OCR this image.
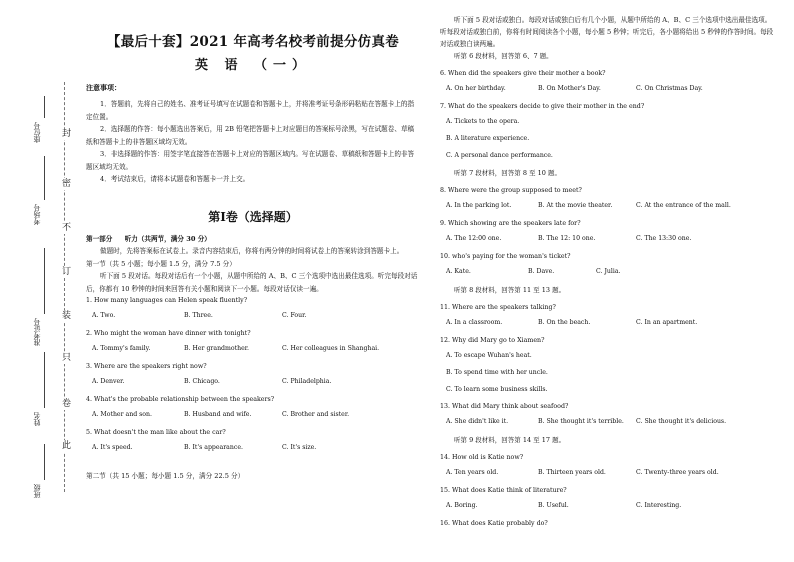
封
密
不
订
装
只
卷
此
座位号
考场号
准考证号
姓名
班级
【最后十套】2021 年高考名校考前提分仿真卷
英 语 （一）
注意事项：

1．答题前，先将自己的姓名、准考证号填写在试题卷和答题卡上，并将准考证号条形码粘贴在答题卡上的指定位置。

2．选择题的作答：每小题选出答案后，用 2B 铅笔把答题卡上对应题目的答案标号涂黑，写在试题卷、草稿纸和答题卡上的非答题区域均无效。

3．非选择题的作答：用签字笔直接答在答题卡上对应的答题区域内。写在试题卷、草稿纸和答题卡上的非答题区域均无效。

4．考试结束后，请将本试题卷和答题卡一并上交。

第Ⅰ卷（选择题）

第一部分 听力（共两节，满分 30 分）

做题时，先将答案标在试卷上。录音内容结束后，你将有两分钟的时间将试卷上的答案转涂到答题卡上。

第一节（共 5 小题；每小题 1.5 分，满分 7.5 分）

听下面 5 段对话。每段对话后有一个小题，从题中所给的 A、B、C 三个选项中选出最佳选项。听完每段对话后，你都有 10 秒钟的时间来回答有关小题和阅读下一小题。每段对话仅读一遍。

1. How many languages can Helen speak fluently?
A. Two.	B. Three.	C. Four.
2. Who might the woman have dinner with tonight?
A. Tommy's family.	B. Her grandmother.	C. Her colleagues in Shanghai.
3. Where are the speakers right now?
A. Denver.	B. Chicago.	C. Philadelphia.
4. What's the probable relationship between the speakers?
A. Mother and son.	B. Husband and wife.	C. Brother and sister.
5. What doesn't the man like about the car?
A. It's speed.	B. It's appearance.	C. It's size.

第二节（共 15 小题；每小题 1.5 分，满分 22.5 分）

听下面 5 段对话或独白。每段对话或独白后有几个小题，从题中所给的 A、B、C 三个选项中选出最佳选项。听每段对话或独白前，你将有时间阅读各个小题，每小题 5 秒钟；听完后，各小题将给出 5 秒钟的作答时间。每段对话或独白读两遍。

听第 6 段材料，回答第 6、7 题。
6. When did the speakers give their mother a book?
A. On her birthday.	B. On Mother's Day.	C. On Christmas Day.
7. What do the speakers decide to give their mother in the end?
A. Tickets to the opera.
B. A literature experience.
C. A personal dance performance.
听第 7 段材料，回答第 8 至 10 题。
8. Where were the group supposed to meet?
A. In the parking lot.	B. At the movie theater.	C. At the entrance of the mall.
9. Which showing are the speakers late for?
A. The 12:00 one.	B. The 12: 10 one.	C. The 13:30 one.
10. who's paying for the woman's ticket?
A. Kate.	B. Dave.	C. Julia.
听第 8 段材料，回答第 11 至 13 题。
11. Where are the speakers talking?
A. In a classroom.	B. On the beach.	C. In an apartment.
12. Why did Mary go to Xiamen?
A. To escape Wuhan's heat.
B. To spend time with her uncle.
C. To learn some business skills.
13. What did Mary think about seafood?
A. She didn't like it.	B. She thought it's terrible. C. She thought it's delicious.
听第 9 段材料，回答第 14 至 17 题。
14. How old is Katie now?
A. Ten years old.	B. Thirteen years old.	C. Twenty-three years old.
15. What does Katie think of literature?
A. Boring.	B. Useful.	C. Interesting.
16. What does Katie probably do?
